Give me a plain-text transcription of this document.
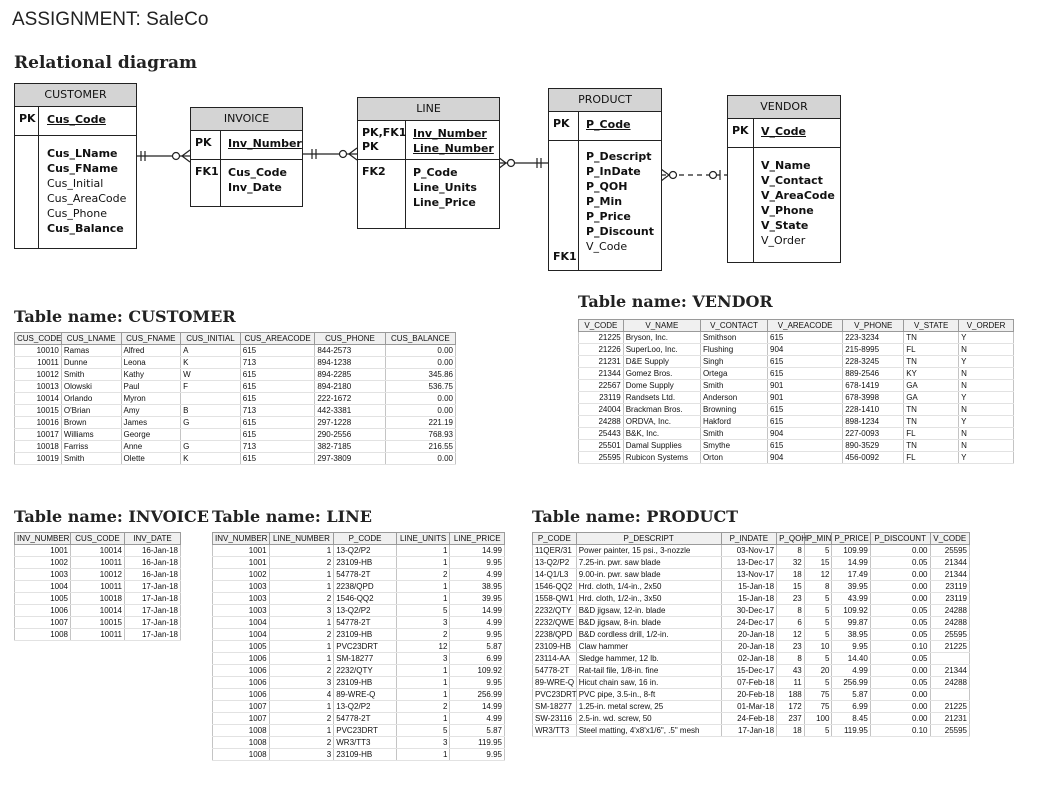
ASSIGNMENT: SaleCo
Relational diagram
CUSTOMER
PK	Cus_Code
Cus_LName
Cus_FName
Cus_Initial
Cus_AreaCode
Cus_Phone
Cus_Balance
INVOICE
PK	Inv_Number
FK1 Cus_Code
Inv_Date
LINE
PK,FK1
PK
Inv_Number
Line_Number
FK2	P_Code
Line_Units
Line_Price
PRODUCT
PK	P_Code
FK1
P_Descript
P_InDate
P_QOH
P_Min
P_Price
P_Discount
V_Code
VENDOR
PK	V_Code
V_Name
V_Contact
V_AreaCode
V_Phone
V_State
V_Order
Table name: CUSTOMER
Table name: VENDOR
Table name: INVOICE Table name: LINE	Table name: PRODUCT
CUS_CODE	CUS_LNAME	CUS_FNAME	CUS_INITIAL	CUS_AREACODE	CUS_PHONE	CUS_BALANCE
10010	Ramas	Alfred	A	615	844-2573	0.00
10011	Dunne	Leona	K	713	894-1238	0.00
10012	Smith	Kathy	W	615	894-2285	345.86
10013	Olowski	Paul	F	615	894-2180	536.75
10014	Orlando	Myron		615	222-1672	0.00
10015	O'Brian	Amy	B	713	442-3381	0.00
10016	Brown	James	G	615	297-1228	221.19
10017	Williams	George		615	290-2556	768.93
10018	Farriss	Anne	G	713	382-7185	216.55
10019	Smith	Olette	K	615	297-3809	0.00
V_CODE	V_NAME	V_CONTACT	V_AREACODE	V_PHONE	V_STATE	V_ORDER
21225	Bryson, Inc.	Smithson	615	223-3234	TN	Y
21226	SuperLoo, Inc.	Flushing	904	215-8995	FL	N
21231	D&E Supply	Singh	615	228-3245	TN	Y
21344	Gomez Bros.	Ortega	615	889-2546	KY	N
22567	Dome Supply	Smith	901	678-1419	GA	N
23119	Randsets Ltd.	Anderson	901	678-3998	GA	Y
24004	Brackman Bros.	Browning	615	228-1410	TN	N
24288	ORDVA, Inc.	Hakford	615	898-1234	TN	Y
25443	B&K, Inc.	Smith	904	227-0093	FL	N
25501	Damal Supplies	Smythe	615	890-3529	TN	N
25595	Rubicon Systems	Orton	904	456-0092	FL	Y
INV_NUMBER	CUS_CODE	INV_DATE
1001	10014	16-Jan-18
1002	10011	16-Jan-18
1003	10012	16-Jan-18
1004	10011	17-Jan-18
1005	10018	17-Jan-18
1006	10014	17-Jan-18
1007	10015	17-Jan-18
1008	10011	17-Jan-18
INV_NUMBER	LINE_NUMBER	P_CODE	LINE_UNITS	LINE_PRICE
1001	1	13-Q2/P2	1	14.99
1001	2	23109-HB	1	9.95
1002	1	54778-2T	2	4.99
1003	1	2238/QPD	1	38.95
1003	2	1546-QQ2	1	39.95
1003	3	13-Q2/P2	5	14.99
1004	1	54778-2T	3	4.99
1004	2	23109-HB	2	9.95
1005	1	PVC23DRT	12	5.87
1006	1	SM-18277	3	6.99
1006	2	2232/QTY	1	109.92
1006	3	23109-HB	1	9.95
1006	4	89-WRE-Q	1	256.99
1007	1	13-Q2/P2	2	14.99
1007	2	54778-2T	1	4.99
1008	1	PVC23DRT	5	5.87
1008	2	WR3/TT3	3	119.95
1008	3	23109-HB	1	9.95
P_CODE	P_DESCRIPT	P_INDATE	P_QOH	P_MIN	P_PRICE	P_DISCOUNT	V_CODE
11QER/31	Power painter, 15 psi., 3-nozzle	03-Nov-17	8	5	109.99	0.00	25595
13-Q2/P2	7.25-in. pwr. saw blade	13-Dec-17	32	15	14.99	0.05	21344
14-Q1/L3	9.00-in. pwr. saw blade	13-Nov-17	18	12	17.49	0.00	21344
1546-QQ2	Hrd. cloth, 1/4-in., 2x50	15-Jan-18	15	8	39.95	0.00	23119
1558-QW1	Hrd. cloth, 1/2-in., 3x50	15-Jan-18	23	5	43.99	0.00	23119
2232/QTY	B&D jigsaw, 12-in. blade	30-Dec-17	8	5	109.92	0.05	24288
2232/QWE	B&D jigsaw, 8-in. blade	24-Dec-17	6	5	99.87	0.05	24288
2238/QPD	B&D cordless drill, 1/2-in.	20-Jan-18	12	5	38.95	0.05	25595
23109-HB	Claw hammer	20-Jan-18	23	10	9.95	0.10	21225
23114-AA	Sledge hammer, 12 lb.	02-Jan-18	8	5	14.40	0.05	
54778-2T	Rat-tail file, 1/8-in. fine	15-Dec-17	43	20	4.99	0.00	21344
89-WRE-Q	Hicut chain saw, 16 in.	07-Feb-18	11	5	256.99	0.05	24288
PVC23DRT	PVC pipe, 3.5-in., 8-ft	20-Feb-18	188	75	5.87	0.00	
SM-18277	1.25-in. metal screw, 25	01-Mar-18	172	75	6.99	0.00	21225
SW-23116	2.5-in. wd. screw, 50	24-Feb-18	237	100	8.45	0.00	21231
WR3/TT3	Steel matting, 4'x8'x1/6", .5" mesh	17-Jan-18	18	5	119.95	0.10	25595
